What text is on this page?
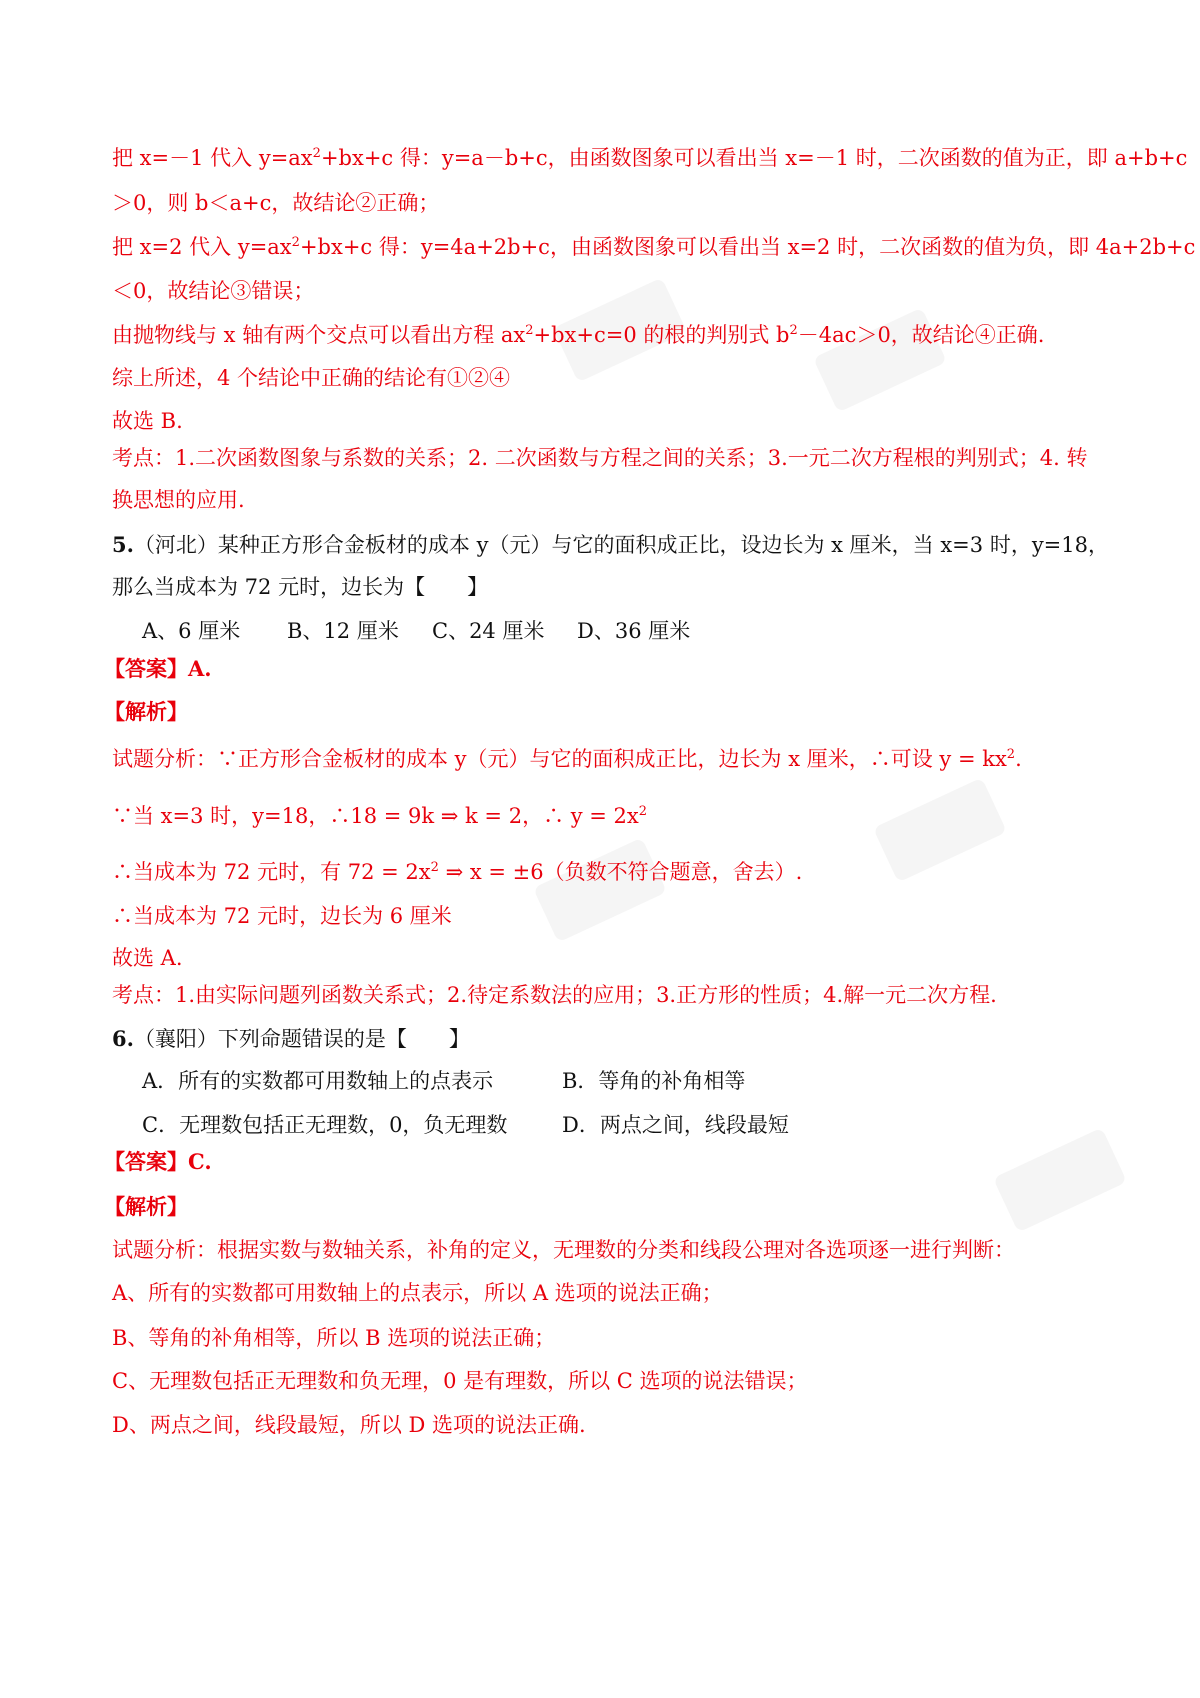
把 x=－1 代入 $y=ax^2+bx+c$ 得：y=a－b+c，由函数图象可以看出当 x=－1 时，二次函数的值为正，即 a+b+c
＞0，则 b＜a+c，故结论②正确；
把 x=2 代入 $y=ax^2+bx+c$ 得：y=4a+2b+c，由函数图象可以看出当 x=2 时，二次函数的值为负，即 4a+2b+c
＜0，故结论③错误；
由抛物线与 x 轴有两个交点可以看出方程 $ax^2+bx+c=0$ 的根的判别式 $b^2-4ac>0$，故结论④正确.
综上所述，4 个结论中正确的结论有①②④
故选 B.
考点：1.二次函数图象与系数的关系；2. 二次函数与方程之间的关系；3.一元二次方程根的判别式；4. 转
换思想的应用.
5.（河北）某种正方形合金板材的成本 y（元）与它的面积成正比，设边长为 x 厘米，当 x=3 时，y=18，
那么当成本为 72 元时，边长为【　　】
A、6 厘米 B、12 厘米 C、24 厘米 D、36 厘米
【答案】A.
【解析】
试题分析：∵正方形合金板材的成本 y（元）与它的面积成正比，边长为 x 厘米，∴可设 $y = kx^2$.
∵当 x=3 时，y=18，∴18 = 9k ⇒ k = 2，∴ $y = 2x^2$
∴当成本为 72 元时，有 $72 = 2x^2$ ⇒ x = ±6（负数不符合题意，舍去）.
∴当成本为 72 元时，边长为 6 厘米
故选 A.
考点：1.由实际问题列函数关系式；2.待定系数法的应用；3.正方形的性质；4.解一元二次方程.
6.（襄阳）下列命题错误的是【　　】
A．所有的实数都可用数轴上的点表示	B．等角的补角相等
C．无理数包括正无理数，0，负无理数	D．两点之间，线段最短
【答案】C.
【解析】
试题分析：根据实数与数轴关系，补角的定义，无理数的分类和线段公理对各选项逐一进行判断：
A、所有的实数都可用数轴上的点表示，所以 A 选项的说法正确；
B、等角的补角相等，所以 B 选项的说法正确；
C、无理数包括正无理数和负无理，0 是有理数，所以 C 选项的说法错误；
D、两点之间，线段最短，所以 D 选项的说法正确.
